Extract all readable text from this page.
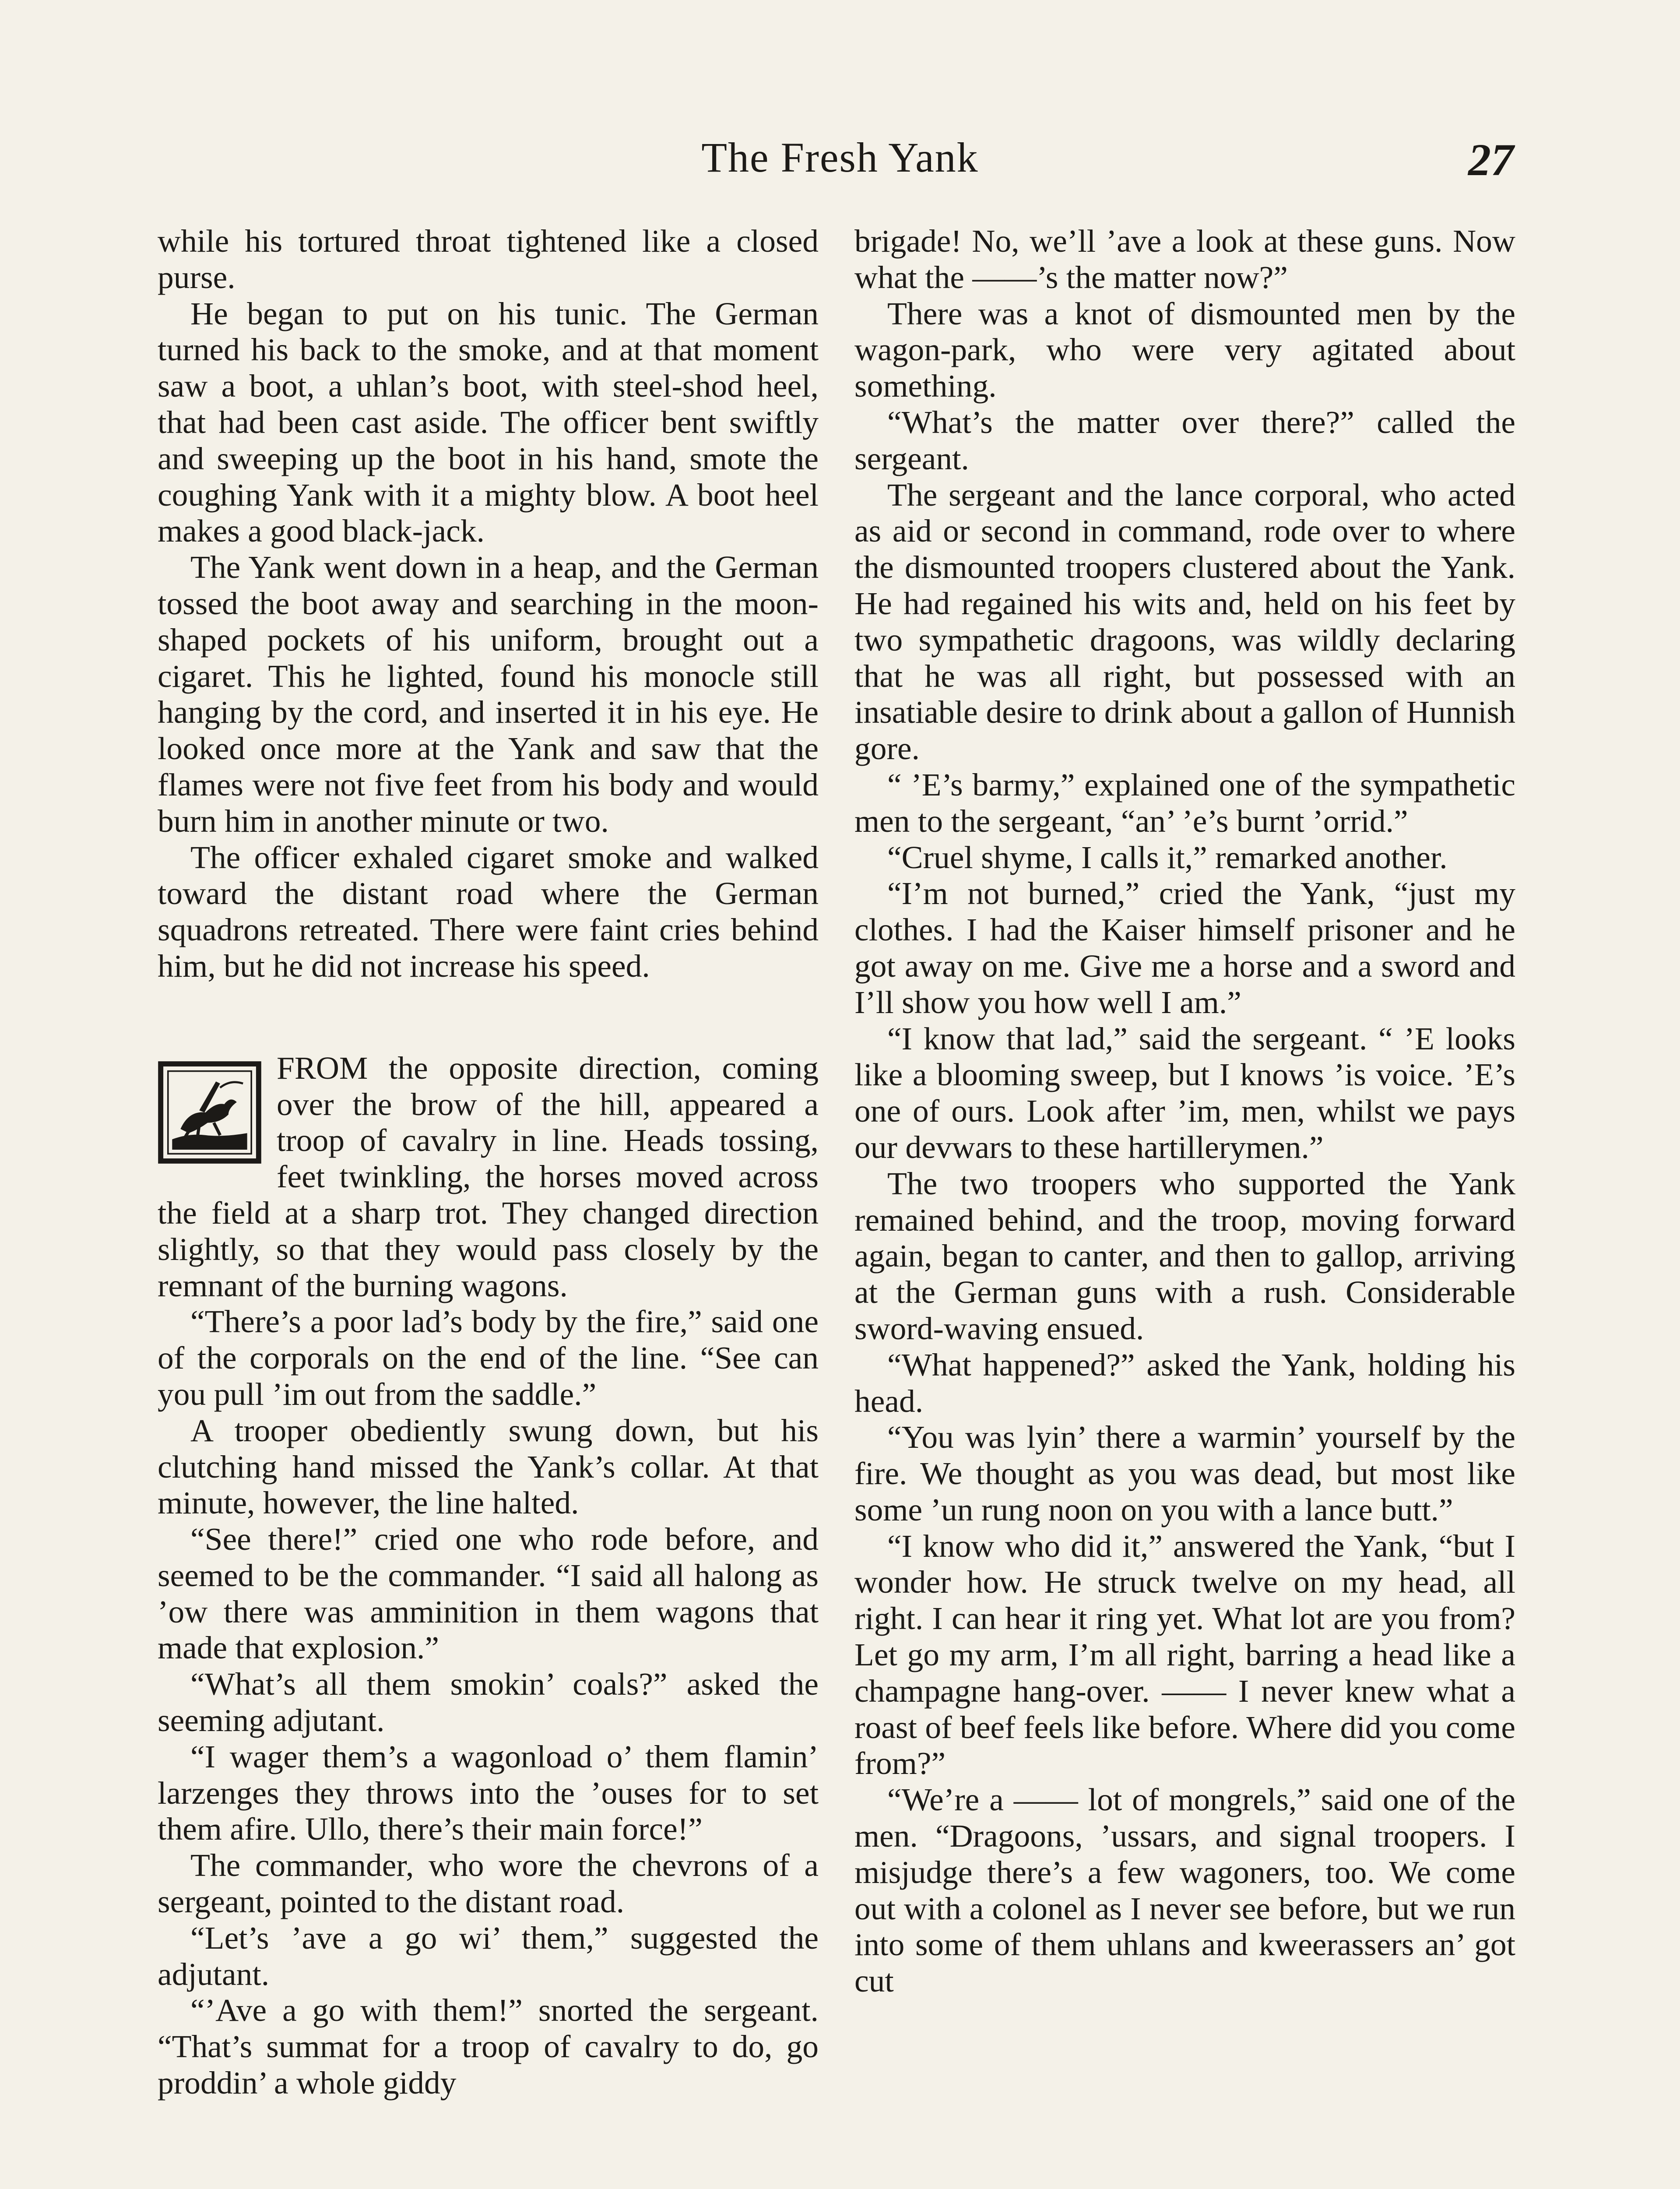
The Fresh Yank	27

while his tortured throat tightened like a closed purse.

He began to put on his tunic. The German turned his back to the smoke, and at that moment saw a boot, a uhlan’s boot, with steel-shod heel, that had been cast aside. The officer bent swiftly and sweeping up the boot in his hand, smote the coughing Yank with it a mighty blow. A boot heel makes a good black-jack.

The Yank went down in a heap, and the German tossed the boot away and searching in the moon-shaped pockets of his uniform, brought out a cigaret. This he lighted, found his monocle still hanging by the cord, and inserted it in his eye. He looked once more at the Yank and saw that the flames were not five feet from his body and would burn him in another minute or two.

The officer exhaled cigaret smoke and walked toward the distant road where the German squadrons retreated. There were faint cries behind him, but he did not increase his speed.

FROM the opposite direction, coming over the brow of the hill, appeared a troop of cavalry in line. Heads tossing, feet twinkling, the horses moved across the field at a sharp trot. They changed direction slightly, so that they would pass closely by the remnant of the burning wagons.

“There’s a poor lad’s body by the fire,” said one of the corporals on the end of the line. “See can you pull ’im out from the saddle.”

A trooper obediently swung down, but his clutching hand missed the Yank’s collar. At that minute, however, the line halted.

“See there!” cried one who rode before, and seemed to be the commander. “I said all halong as ’ow there was amminition in them wagons that made that explosion.”

“What’s all them smokin’ coals?” asked the seeming adjutant.

“I wager them’s a wagonload o’ them flamin’ larzenges they throws into the ’ouses for to set them afire. Ullo, there’s their main force!”

The commander, who wore the chevrons of a sergeant, pointed to the distant road.

“Let’s ’ave a go wi’ them,” suggested the adjutant.

“’Ave a go with them!” snorted the sergeant. “That’s summat for a troop of cavalry to do, go proddin’ a whole giddy

brigade! No, we’ll ’ave a look at these guns. Now what the ——’s the matter now?”

There was a knot of dismounted men by the wagon-park, who were very agitated about something.

“What’s the matter over there?” called the sergeant.

The sergeant and the lance corporal, who acted as aid or second in command, rode over to where the dismounted troopers clustered about the Yank. He had regained his wits and, held on his feet by two sympathetic dragoons, was wildly declaring that he was all right, but possessed with an insatiable desire to drink about a gallon of Hunnish gore.

“ ’E’s barmy,” explained one of the sympathetic men to the sergeant, “an’ ’e’s burnt ’orrid.”

“Cruel shyme, I calls it,” remarked another.

“I’m not burned,” cried the Yank, “just my clothes. I had the Kaiser himself prisoner and he got away on me. Give me a horse and a sword and I’ll show you how well I am.”

“I know that lad,” said the sergeant. “ ’E looks like a blooming sweep, but I knows ’is voice. ’E’s one of ours. Look after ’im, men, whilst we pays our devwars to these hartillerymen.”

The two troopers who supported the Yank remained behind, and the troop, moving forward again, began to canter, and then to gallop, arriving at the German guns with a rush. Considerable sword-waving ensued.

“What happened?” asked the Yank, holding his head.

“You was lyin’ there a warmin’ yourself by the fire. We thought as you was dead, but most like some ’un rung noon on you with a lance butt.”

“I know who did it,” answered the Yank, “but I wonder how. He struck twelve on my head, all right. I can hear it ring yet. What lot are you from? Let go my arm, I’m all right, barring a head like a champagne hang-over. —— I never knew what a roast of beef feels like before. Where did you come from?”

“We’re a —— lot of mongrels,” said one of the men. “Dragoons, ’ussars, and signal troopers. I misjudge there’s a few wagoners, too. We come out with a colonel as I never see before, but we run into some of them uhlans and kweerassers an’ got cut
